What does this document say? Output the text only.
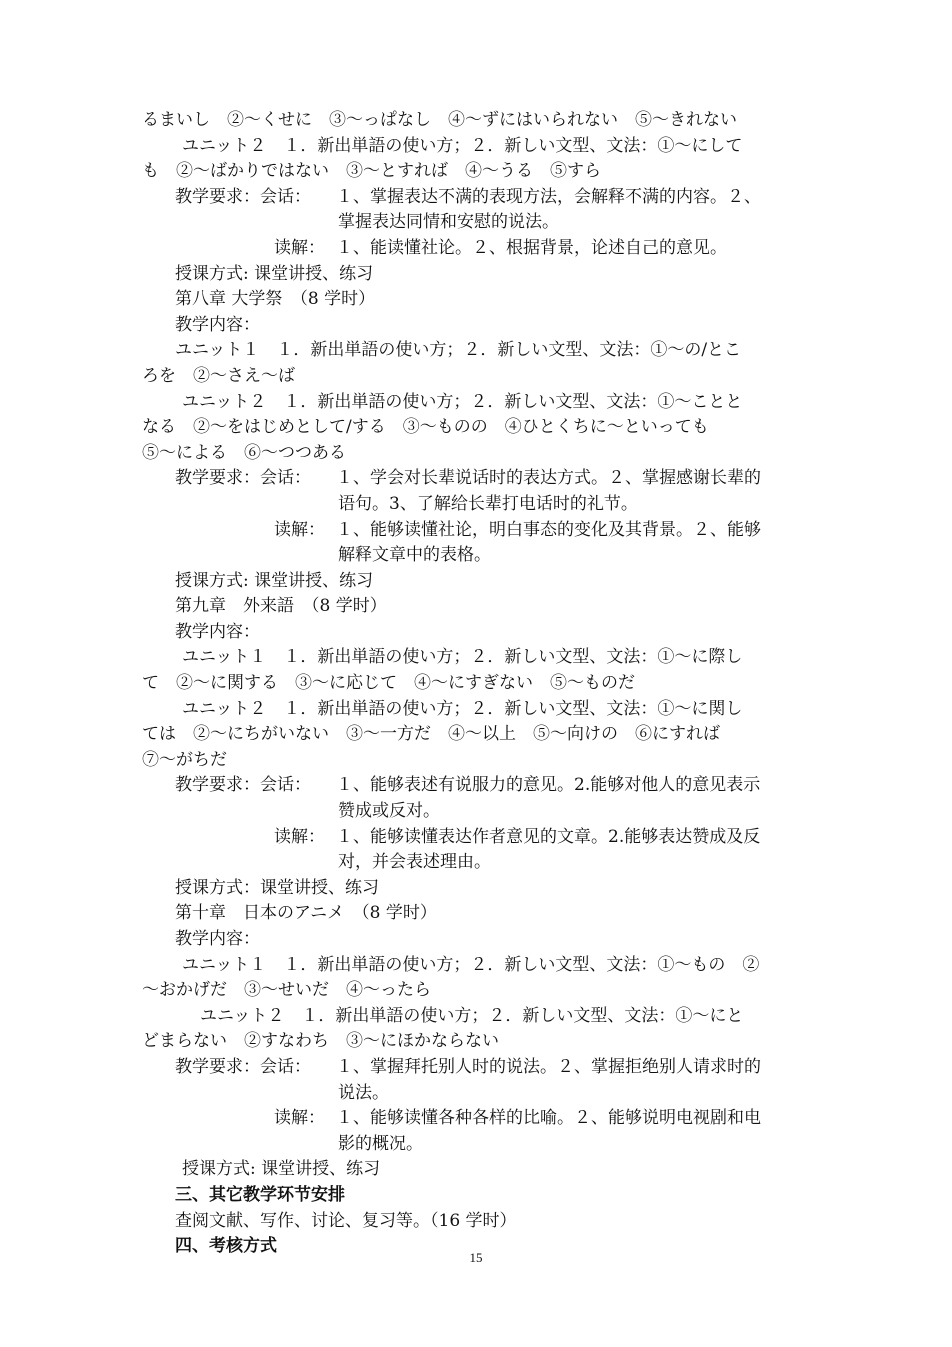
るまいし　②～くせに　③～っぱなし　④～ずにはいられない　⑤～きれない
ユニット２　１．新出単語の使い方；２．新しい文型、文法：①～にして
も　②～ばかりではない　③～とすれば　④～うる　⑤すら
教学要求：会话：	１、掌握表达不满的表现方法，会解释不满的内容。２、
掌握表达同情和安慰的说法。
读解： １、能读懂社论。２、根据背景，论述自己的意见。
授课方式: 课堂讲授、练习
第八章 大学祭　（8 学时）
教学内容：
ユニット１　１．新出単語の使い方；２．新しい文型、文法：①～の/とこ
ろを　②～さえ～ば
ユニット２　１．新出単語の使い方；２．新しい文型、文法：①～ことと
なる　②～をはじめとして/する　③～ものの　④ひとくちに～といっても
⑤～による　⑥～つつある
教学要求：会话：	１、学会对长辈说话时的表达方式。２、掌握感谢长辈的
语句。3、了解给长辈打电话时的礼节。
读解： １、能够读懂社论，明白事态的变化及其背景。２、能够
解释文章中的表格。
授课方式: 课堂讲授、练习
第九章　外来語　（8 学时）
教学内容：
ユニット１　１．新出単語の使い方；２．新しい文型、文法：①～に際し
て　②～に関する　③～に応じて　④～にすぎない　⑤～ものだ
ユニット２　１．新出単語の使い方；２．新しい文型、文法：①～に関し
ては　②～にちがいない　③～一方だ　④～以上　⑤～向けの　⑥にすれば
⑦～がちだ
教学要求：会话：	１、能够表述有说服力的意见。2.能够对他人的意见表示
赞成或反对。
读解： １、能够读懂表达作者意见的文章。2.能够表达赞成及反
对，并会表述理由。
授课方式：课堂讲授、练习
第十章　日本のアニメ　（8 学时）
教学内容：
ユニット１　１．新出単語の使い方；２．新しい文型、文法：①～もの　②
～おかげだ　③～せいだ　④～ったら
ユニット２　１．新出単語の使い方；２．新しい文型、文法：①～にと
どまらない　②すなわち　③～にほかならない
教学要求：会话：	１、掌握拜托别人时的说法。２、掌握拒绝别人请求时的
说法。
读解： １、能够读懂各种各样的比喻。２、能够说明电视剧和电
影的概况。
授课方式: 课堂讲授、练习
三、其它教学环节安排
查阅文献、写作、讨论、复习等。（16 学时）
四、考核方式
15
